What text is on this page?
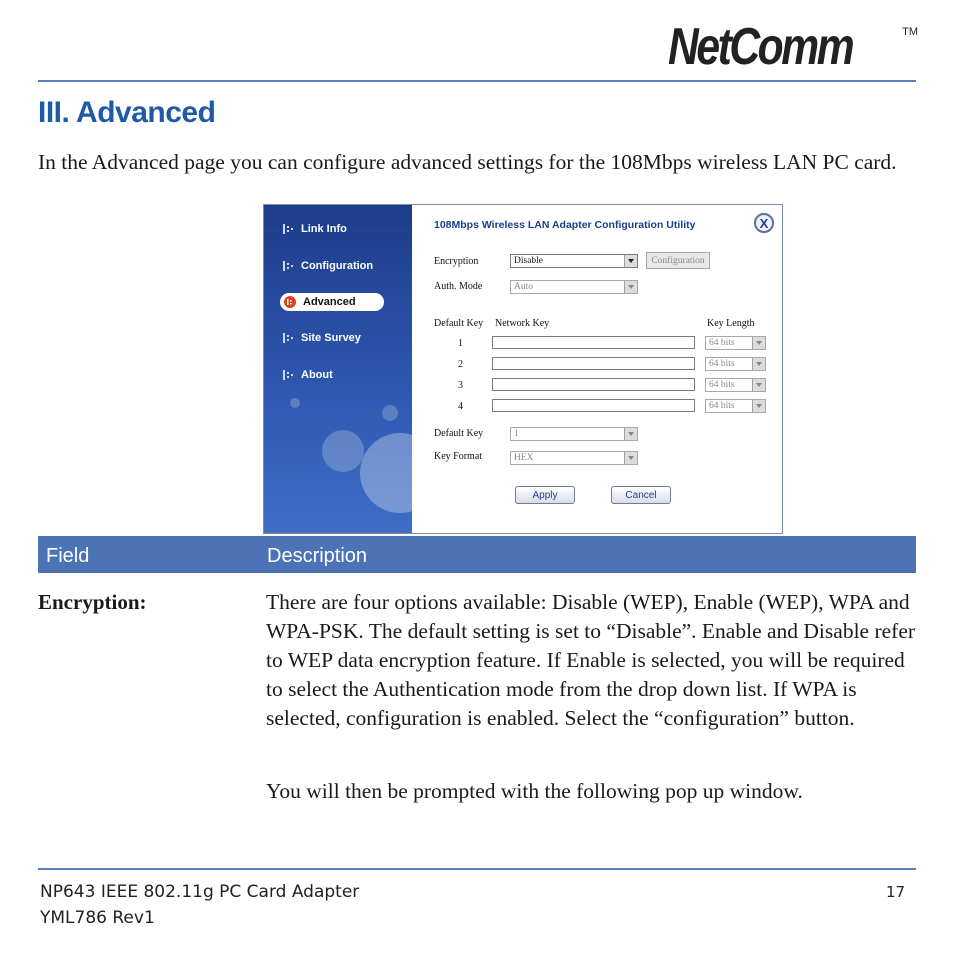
NetComm	TM
III. Advanced
In the Advanced page you can configure advanced settings for the 108Mbps wireless LAN PC card.
Link Info
Configuration
Advanced
Site Survey
About
108Mbps Wireless LAN Adapter Configuration Utility	X
Encryption	Disable	Configuration
Auth. Mode	Auto
Default Key Network Key	Key Length
1	64 bits
2	64 bits
3	64 bits
4	64 bits
Default Key	1
Key Format	HEX
Apply	Cancel
Field	Description
Encryption:	There are four options available: Disable (WEP), Enable (WEP), WPA and WPA-PSK. The default setting is set to “Disable”. Enable and Disable refer to WEP data encryption feature. If Enable is selected, you will be required to select the Authentication mode from the drop down list. If WPA is selected, configuration is enabled. Select the “configuration” button.
You will then be prompted with the following pop up window.
NP643 IEEE 802.11g PC Card Adapter
YML786 Rev1
17
